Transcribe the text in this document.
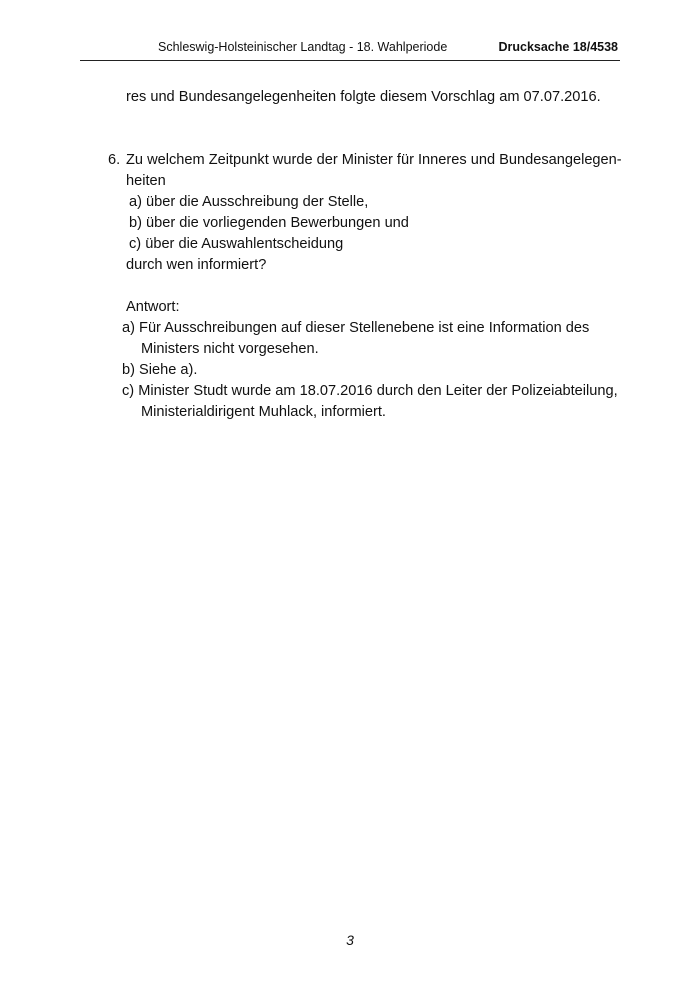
Schleswig-Holsteinischer Landtag - 18. Wahlperiode	Drucksache 18/4538
res und Bundesangelegenheiten folgte diesem Vorschlag am 07.07.2016.
6. Zu welchem Zeitpunkt wurde der Minister für Inneres und Bundesangelegen-
heiten
a) über die Ausschreibung der Stelle,
b) über die vorliegenden Bewerbungen und
c) über die Auswahlentscheidung
durch wen informiert?
Antwort:
a) Für Ausschreibungen auf dieser Stellenebene ist eine Information des
Ministers nicht vorgesehen.
b) Siehe a).
c) Minister Studt wurde am 18.07.2016 durch den Leiter der Polizeiabteilung,
Ministerialdirigent Muhlack, informiert.
3
